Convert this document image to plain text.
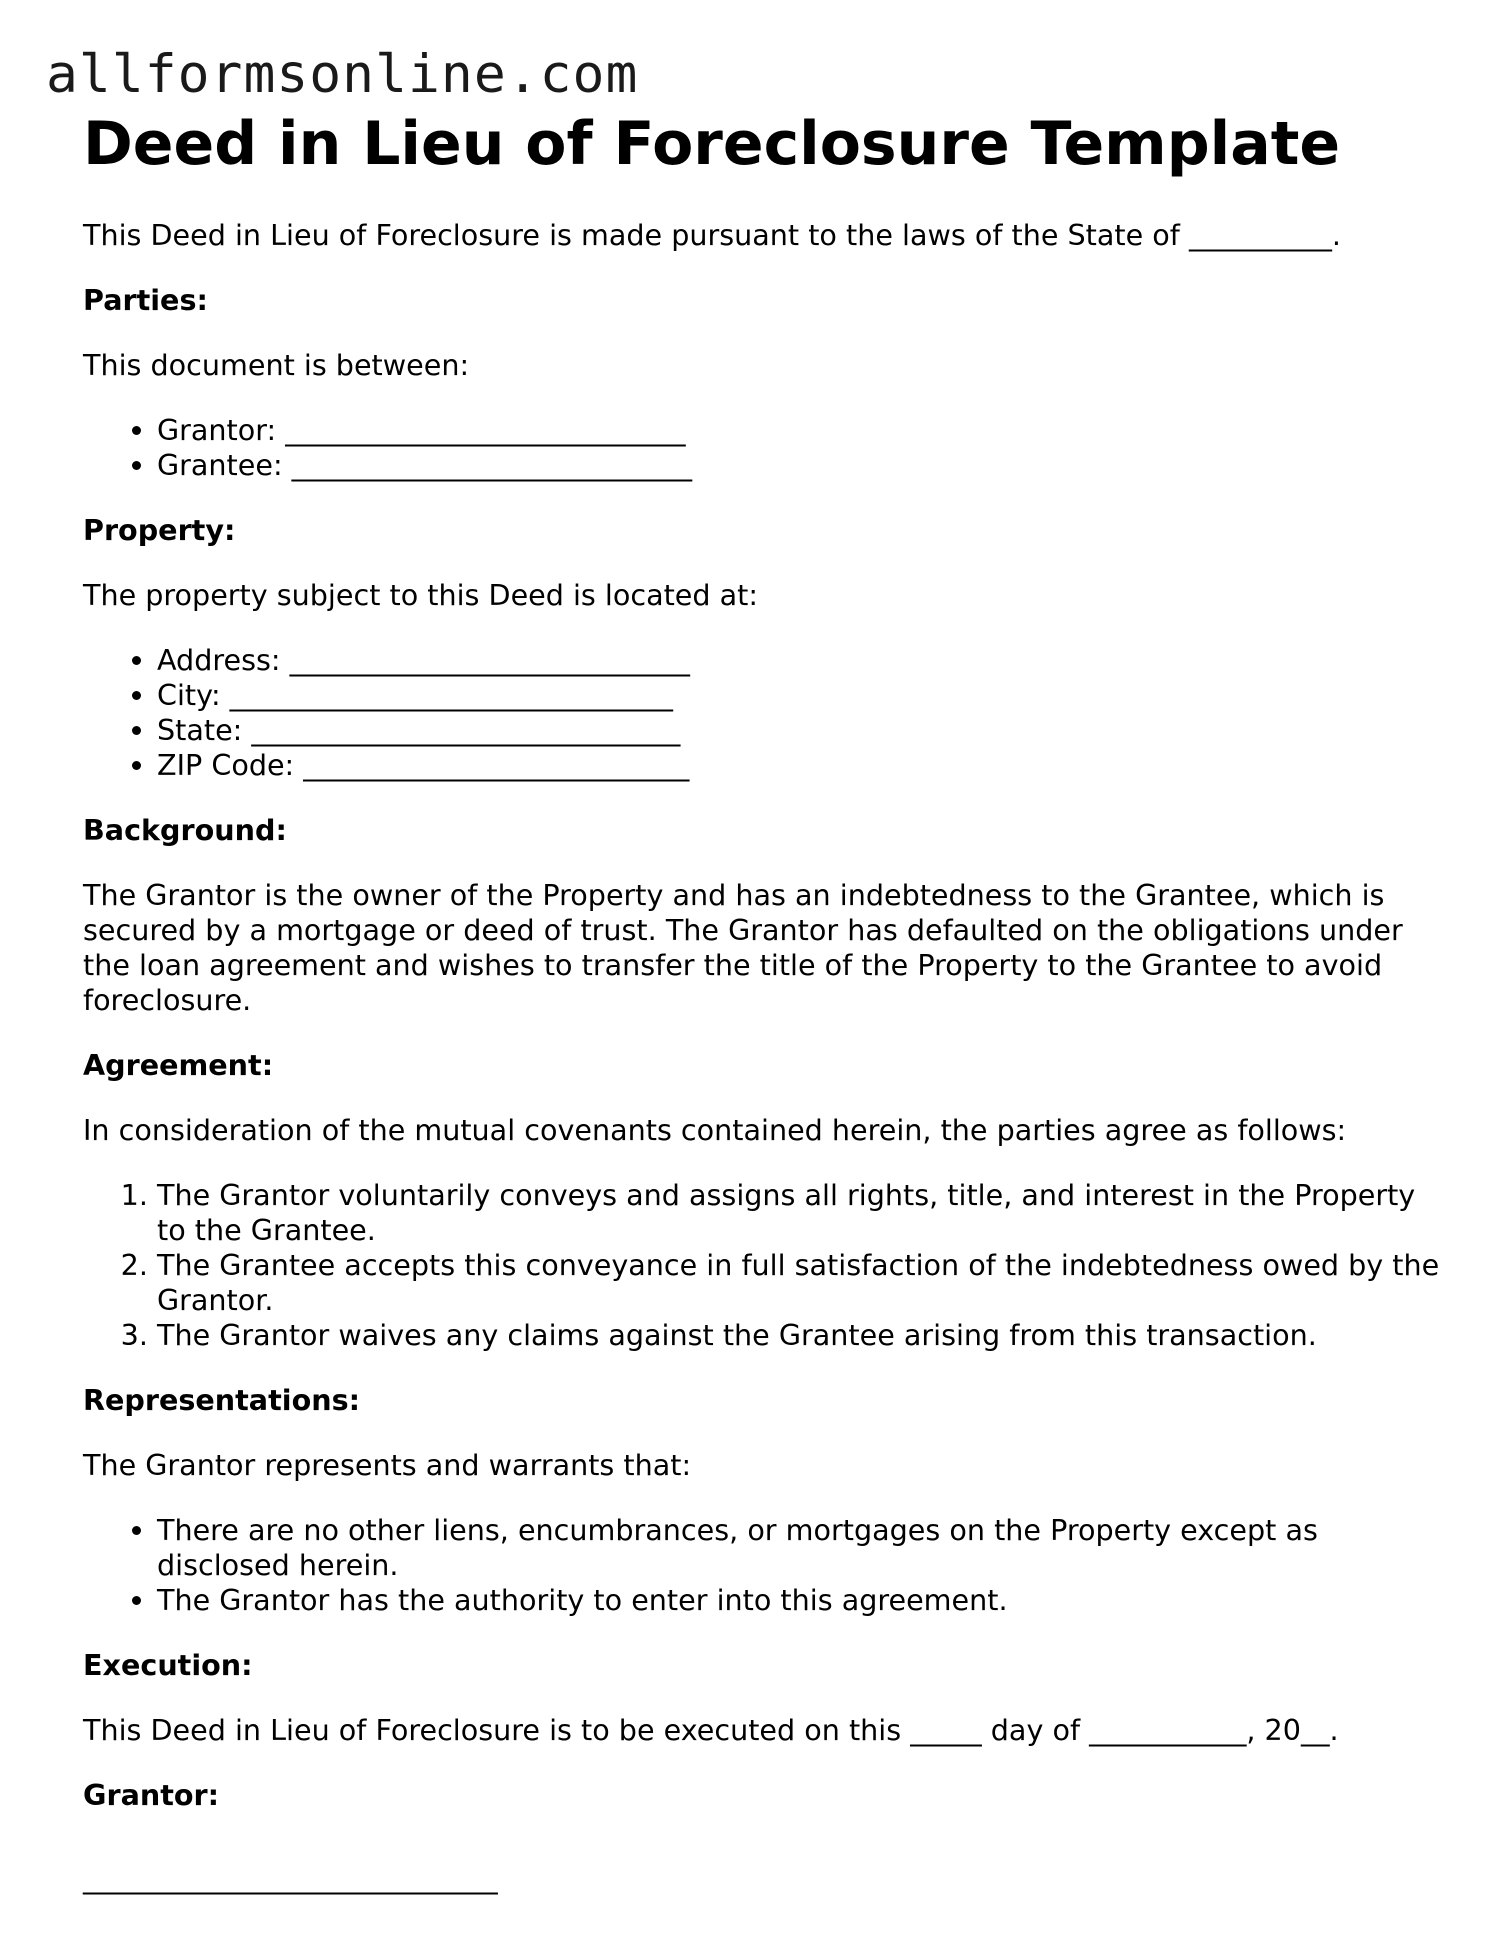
allformsonline.com
Deed in Lieu of Foreclosure Template

This Deed in Lieu of Foreclosure is made pursuant to the laws of the State of __________.

Parties:

This document is between:

• Grantor: ____________________________
• Grantee: ____________________________

Property:

The property subject to this Deed is located at:

• Address: ____________________________
• City: _______________________________
• State: ______________________________
• ZIP Code: ___________________________

Background:

The Grantor is the owner of the Property and has an indebtedness to the Grantee, which is secured by a mortgage or deed of trust. The Grantor has defaulted on the obligations under the loan agreement and wishes to transfer the title of the Property to the Grantee to avoid foreclosure.

Agreement:

In consideration of the mutual covenants contained herein, the parties agree as follows:

1. The Grantor voluntarily conveys and assigns all rights, title, and interest in the Property to the Grantee.
2. The Grantee accepts this conveyance in full satisfaction of the indebtedness owed by the Grantor.
3. The Grantor waives any claims against the Grantee arising from this transaction.

Representations:

The Grantor represents and warrants that:

• There are no other liens, encumbrances, or mortgages on the Property except as disclosed herein.
• The Grantor has the authority to enter into this agreement.

Execution:

This Deed in Lieu of Foreclosure is to be executed on this _____ day of ___________, 20__.

Grantor:

_____________________________
